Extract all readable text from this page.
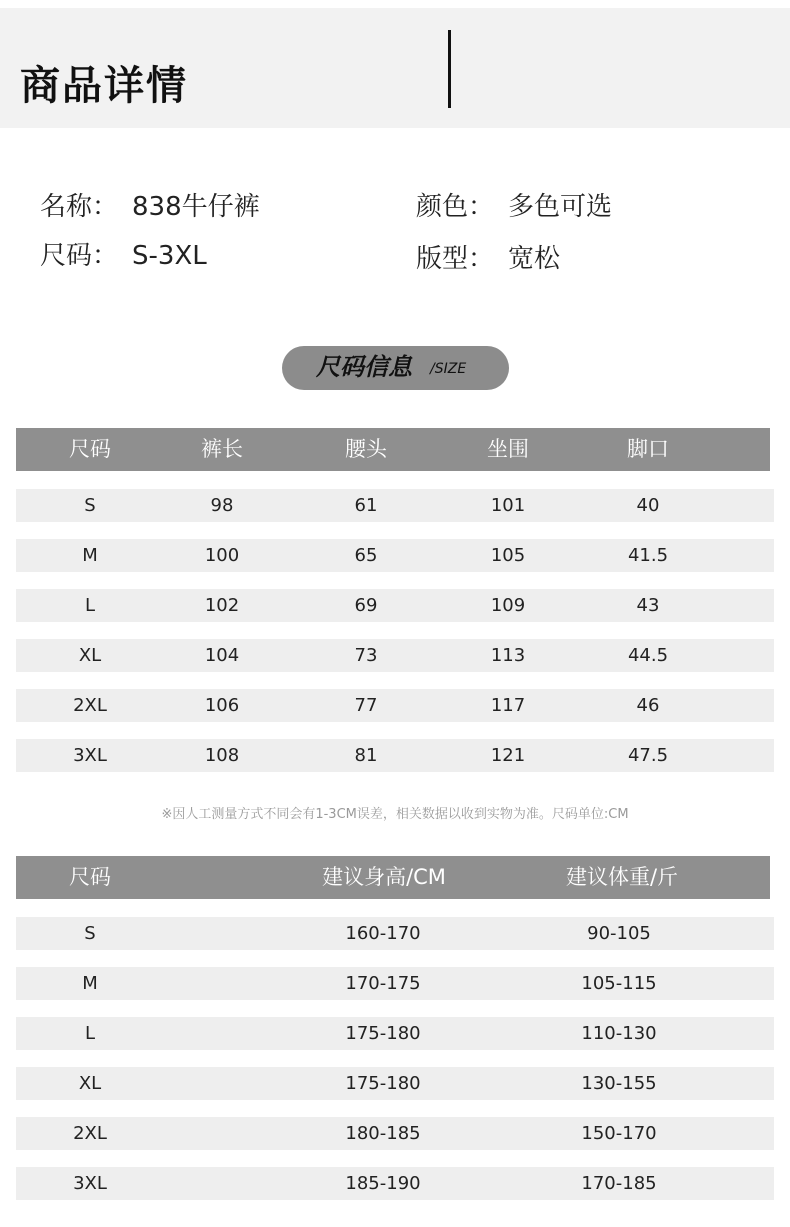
商品详情
名称： 838牛仔裤	颜色： 多色可选
尺码： S-3XL	版型： 宽松
尺码信息 /SIZE
尺码	裤长	腰头	坐围	脚口
S	98	61	101	40
M	100	65	105	41.5
L	102	69	109	43
XL	104	73	113	44.5
2XL	106	77	117	46
3XL	108	81	121	47.5
※因人工测量方式不同会有1-3CM误差，相关数据以收到实物为准。尺码单位:CM
尺码	建议身高/CM	建议体重/斤
S	160-170	90-105
M	170-175	105-115
L	175-180	110-130
XL	175-180	130-155
2XL	180-185	150-170
3XL	185-190	170-185
